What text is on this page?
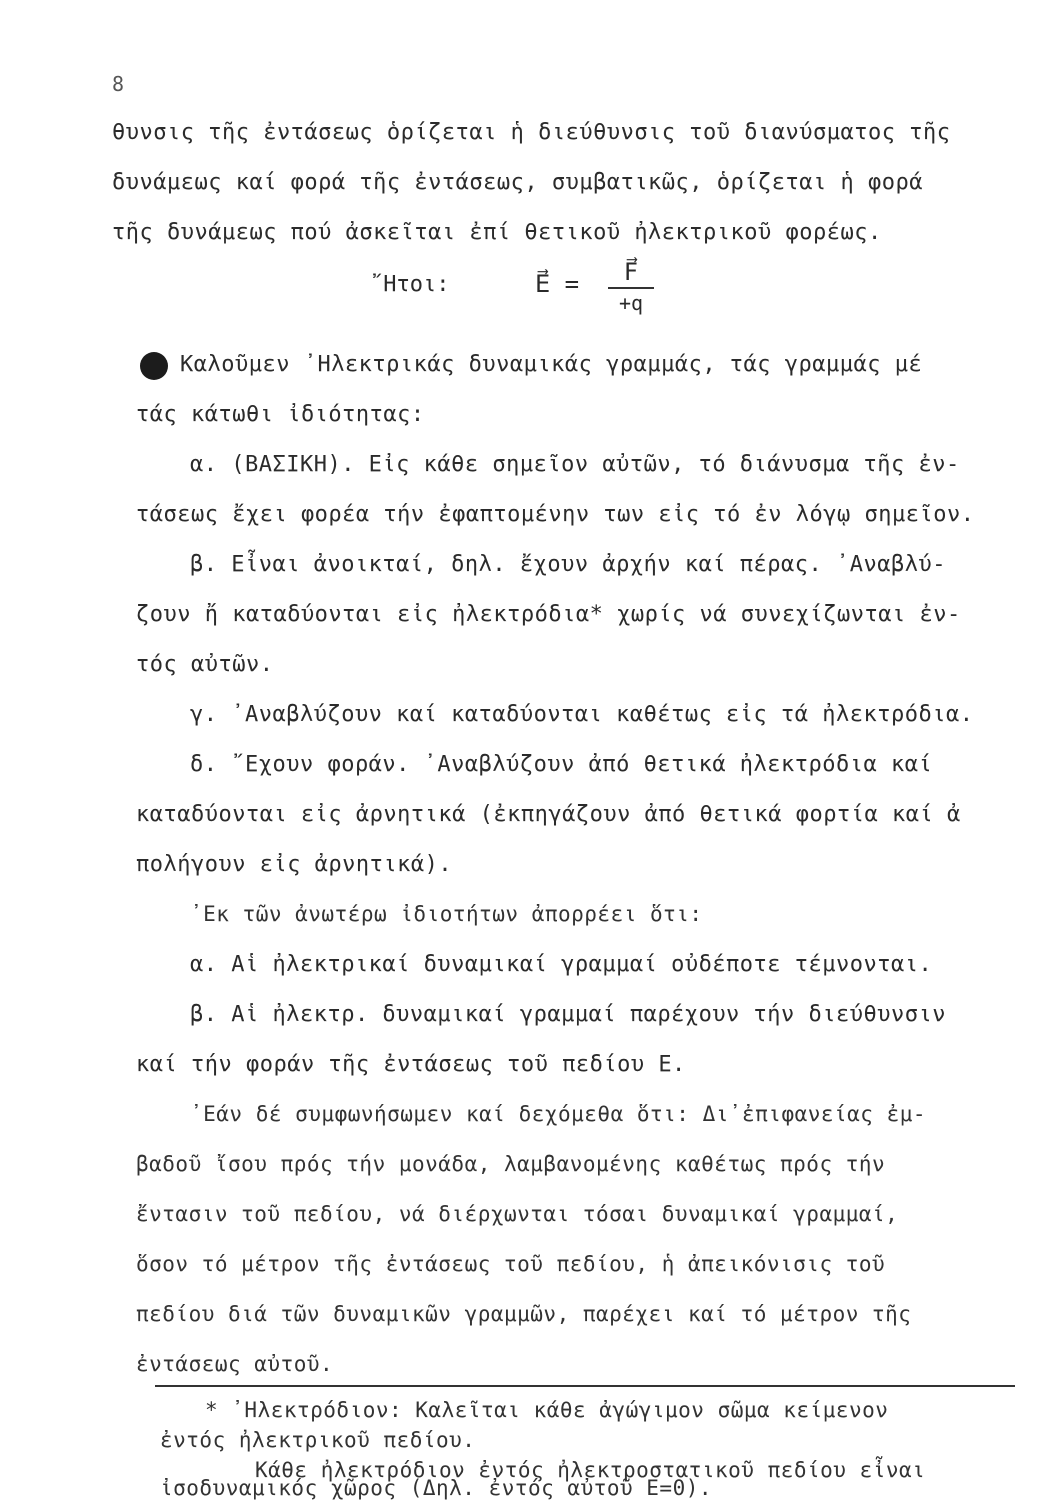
8
θυνσις τῆς ἐντάσεως ὁρίζεται ἡ διεύθυνσις τοῦ διανύσματος τῆς
δυνάμεως καί φορά τῆς ἐντάσεως, συμβατικῶς, ὁρίζεται ἡ φορά
τῆς δυνάμεως πού ἀσκεῖται ἐπί θετικοῦ ἠλεκτρικοῦ φορέως.
῎Ητοι:	E⃗ =	F⃗
+q
Καλοῦμεν ᾽Ηλεκτρικάς δυναμικάς γραμμάς, τάς γραμμάς μέ
τάς κάτωθι ἰδιότητας:
α. (ΒΑΣΙΚΗ). Εἰς κάθε σημεῖον αὐτῶν, τό διάνυσμα τῆς ἐν-
τάσεως ἔχει φορέα τήν ἐφαπτομένην των εἰς τό ἐν λόγῳ σημεῖον.
β. Εἶναι ἀνοικταί, δηλ. ἔχουν ἀρχήν καί πέρας. ᾽Αναβλύ-
ζουν ἤ καταδύονται εἰς ἠλεκτρόδια* χωρίς νά συνεχίζωνται ἐν-
τός αὐτῶν.
γ. ᾽Αναβλύζουν καί καταδύονται καθέτως εἰς τά ἠλεκτρόδια.
δ. ῎Εχουν φοράν. ᾽Αναβλύζουν ἀπό θετικά ἠλεκτρόδια καί
καταδύονται εἰς ἀρνητικά (ἐκπηγάζουν ἀπό θετικά φορτία καί ἀ
πολήγουν εἰς ἀρνητικά).
᾽Εκ τῶν ἀνωτέρω ἰδιοτήτων ἀπορρέει ὅτι:
α. Αἱ ἠλεκτρικαί δυναμικαί γραμμαί οὐδέποτε τέμνονται.
β. Αἱ ἠλεκτρ. δυναμικαί γραμμαί παρέχουν τήν διεύθυνσιν
καί τήν φοράν τῆς ἐντάσεως τοῦ πεδίου Ε.
᾽Εάν δέ συμφωνήσωμεν καί δεχόμεθα ὅτι: Δι᾽ἐπιφανείας ἐμ-
βαδοῦ ἴσου πρός τήν μονάδα, λαμβανομένης καθέτως πρός τήν
ἔντασιν τοῦ πεδίου, νά διέρχωνται τόσαι δυναμικαί γραμμαί,
ὅσον τό μέτρον τῆς ἐντάσεως τοῦ πεδίου, ἡ ἀπεικόνισις τοῦ
πεδίου διά τῶν δυναμικῶν γραμμῶν, παρέχει καί τό μέτρον τῆς
ἐντάσεως αὐτοῦ.
* ᾽Ηλεκτρόδιον: Καλεῖται κάθε ἀγώγιμον σῶμα κείμενον
ἐντός ἠλεκτρικοῦ πεδίου.
Κάθε ἠλεκτρόδιον ἐντός ἠλεκτροστατικοῦ πεδίου εἶναι
ἰσοδυναμικός χῶρος (Δηλ. ἐντός αὐτοῦ Ε=0).
